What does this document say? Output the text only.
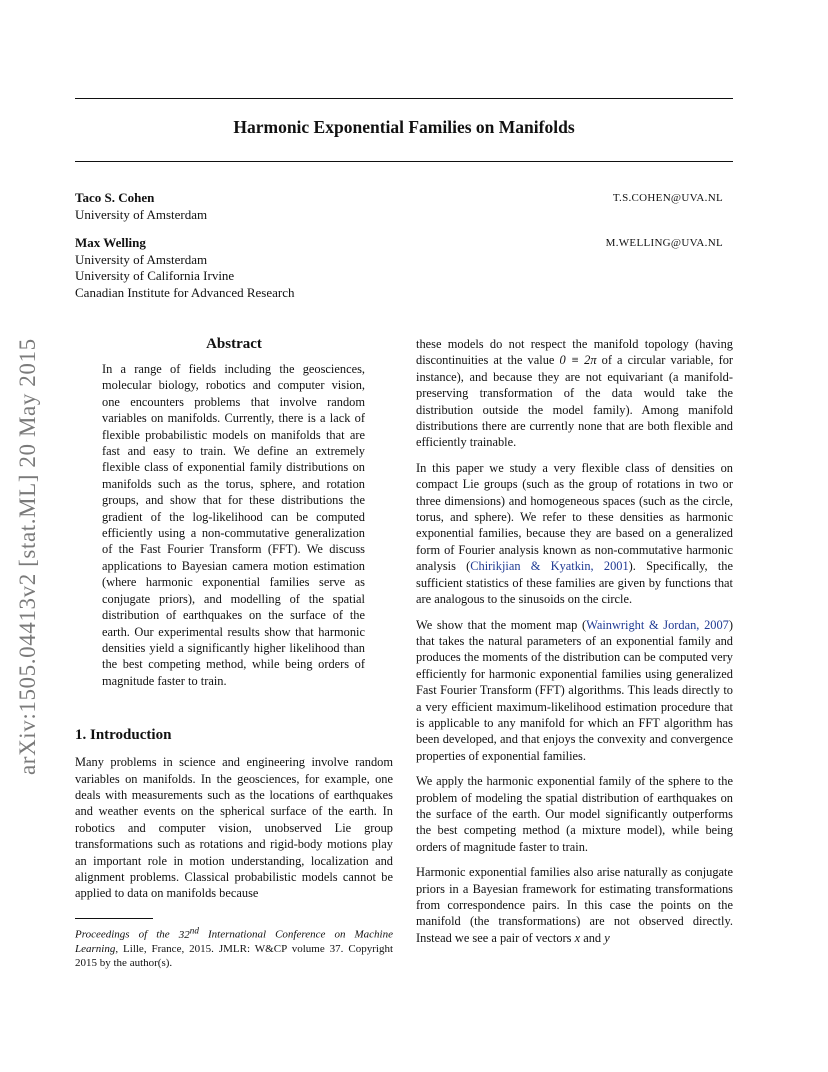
Harmonic Exponential Families on Manifolds
Taco S. Cohen	T.S.COHEN@UVA.NL
University of Amsterdam
Max Welling	M.WELLING@UVA.NL
University of Amsterdam
University of California Irvine
Canadian Institute for Advanced Research
arXiv:1505.04413v2 [stat.ML] 20 May 2015	Abstract

In a range of fields including the geosciences, molecular biology, robotics and computer vision, one encounters problems that involve random variables on manifolds. Currently, there is a lack of flexible probabilistic models on manifolds that are fast and easy to train. We define an extremely flexible class of exponential family distributions on manifolds such as the torus, sphere, and rotation groups, and show that for these distributions the gradient of the log-likelihood can be computed efficiently using a non-commutative generalization of the Fast Fourier Transform (FFT). We discuss applications to Bayesian camera motion estimation (where harmonic exponential families serve as conjugate priors), and modelling of the spatial distribution of earthquakes on the surface of the earth. Our experimental results show that harmonic densities yield a significantly higher likelihood than the best competing method, while being orders of magnitude faster to train.

1. Introduction

Many problems in science and engineering involve random variables on manifolds. In the geosciences, for example, one deals with measurements such as the locations of earthquakes and weather events on the spherical surface of the earth. In robotics and computer vision, unobserved Lie group transformations such as rotations and rigid-body motions play an important role in motion understanding, localization and alignment problems. Classical probabilistic models cannot be applied to data on manifolds because

Proceedings of the 32nd International Conference on Machine Learning, Lille, France, 2015. JMLR: W&CP volume 37. Copyright 2015 by the author(s).

these models do not respect the manifold topology (having discontinuities at the value 0 ≡ 2π of a circular variable, for instance), and because they are not equivariant (a manifold-preserving transformation of the data would take the distribution outside the model family). Among manifold distributions there are currently none that are both flexible and efficiently trainable.

In this paper we study a very flexible class of densities on compact Lie groups (such as the group of rotations in two or three dimensions) and homogeneous spaces (such as the circle, torus, and sphere). We refer to these densities as harmonic exponential families, because they are based on a generalized form of Fourier analysis known as non-commutative harmonic analysis (Chirikjian & Kyatkin, 2001). Specifically, the sufficient statistics of these families are given by functions that are analogous to the sinusoids on the circle.

We show that the moment map (Wainwright & Jordan, 2007) that takes the natural parameters of an exponential family and produces the moments of the distribution can be computed very efficiently for harmonic exponential families using generalized Fast Fourier Transform (FFT) algorithms. This leads directly to a very efficient maximum-likelihood estimation procedure that is applicable to any manifold for which an FFT algorithm has been developed, and that enjoys the convexity and convergence properties of exponential families.

We apply the harmonic exponential family of the sphere to the problem of modeling the spatial distribution of earthquakes on the surface of the earth. Our model significantly outperforms the best competing method (a mixture model), while being orders of magnitude faster to train.

Harmonic exponential families also arise naturally as conjugate priors in a Bayesian framework for estimating transformations from correspondence pairs. In this case the points on the manifold (the transformations) are not observed directly. Instead we see a pair of vectors x and y
